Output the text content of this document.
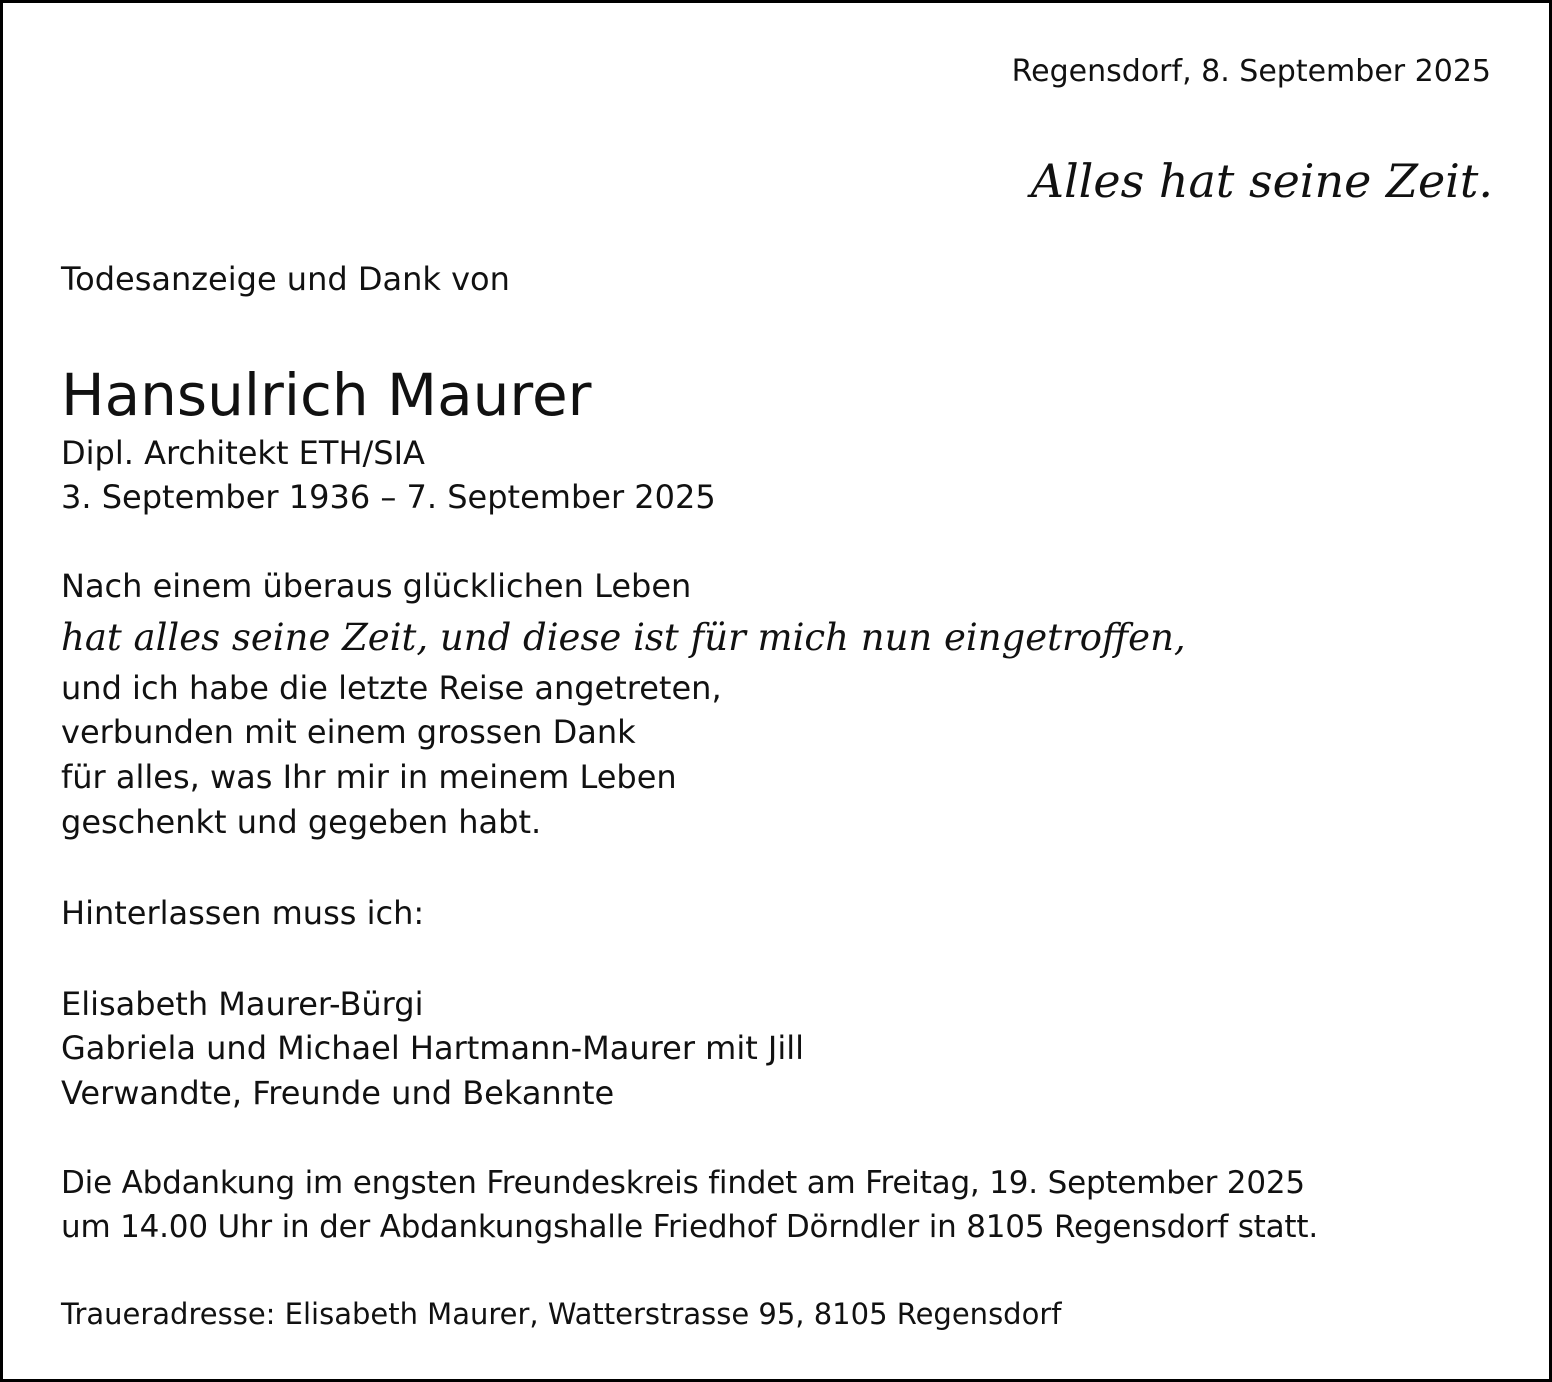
Regensdorf, 8. September 2025

Alles hat seine Zeit.

Todesanzeige und Dank von

Hansulrich Maurer

Dipl. Architekt ETH/SIA

3. September 1936 – 7. September 2025

Nach einem überaus glücklichen Leben

hat alles seine Zeit, und diese ist für mich nun eingetroffen,

und ich habe die letzte Reise angetreten,

verbunden mit einem grossen Dank

für alles, was Ihr mir in meinem Leben

geschenkt und gegeben habt.

Hinterlassen muss ich:

Elisabeth Maurer-Bürgi

Gabriela und Michael Hartmann-Maurer mit Jill

Verwandte, Freunde und Bekannte

Die Abdankung im engsten Freundeskreis findet am Freitag, 19. September 2025

um 14.00 Uhr in der Abdankungshalle Friedhof Dörndler in 8105 Regensdorf statt.

Traueradresse: Elisabeth Maurer, Watterstrasse 95, 8105 Regensdorf
